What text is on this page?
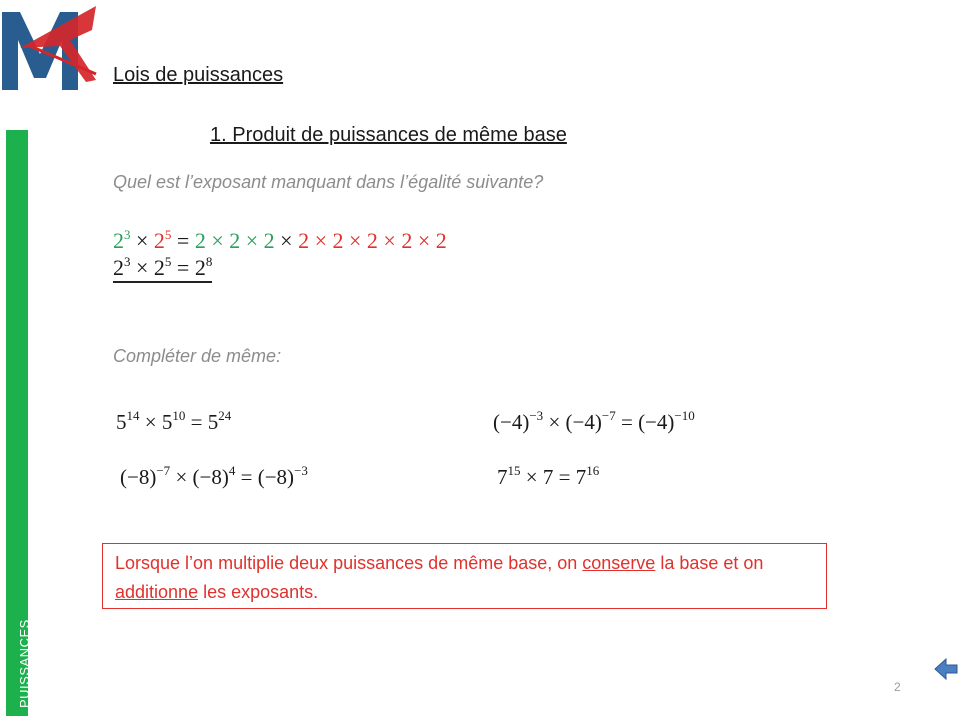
PUISSANCES
Lois de puissances
1. Produit de puissances de même base
Quel est l’exposant manquant dans l’égalité suivante?
$2^3 \times 2^5 = 2 \times 2 \times 2 \times 2 \times 2 \times 2 \times 2 \times 2$
$2^3 \times 2^5 = 2^8$
Compléter de même:
$5^{14} \times 5^{10} = 5^{24}$	$(-4)^{-3} \times (-4)^{-7} = (-4)^{-10}$
$(-8)^{-7} \times (-8)^4 = (-8)^{-3}$	$7^{15} \times 7 = 7^{16}$
Lorsque l’on multiplie deux puissances de même base, on conserve la base et on additionne les exposants.
2
